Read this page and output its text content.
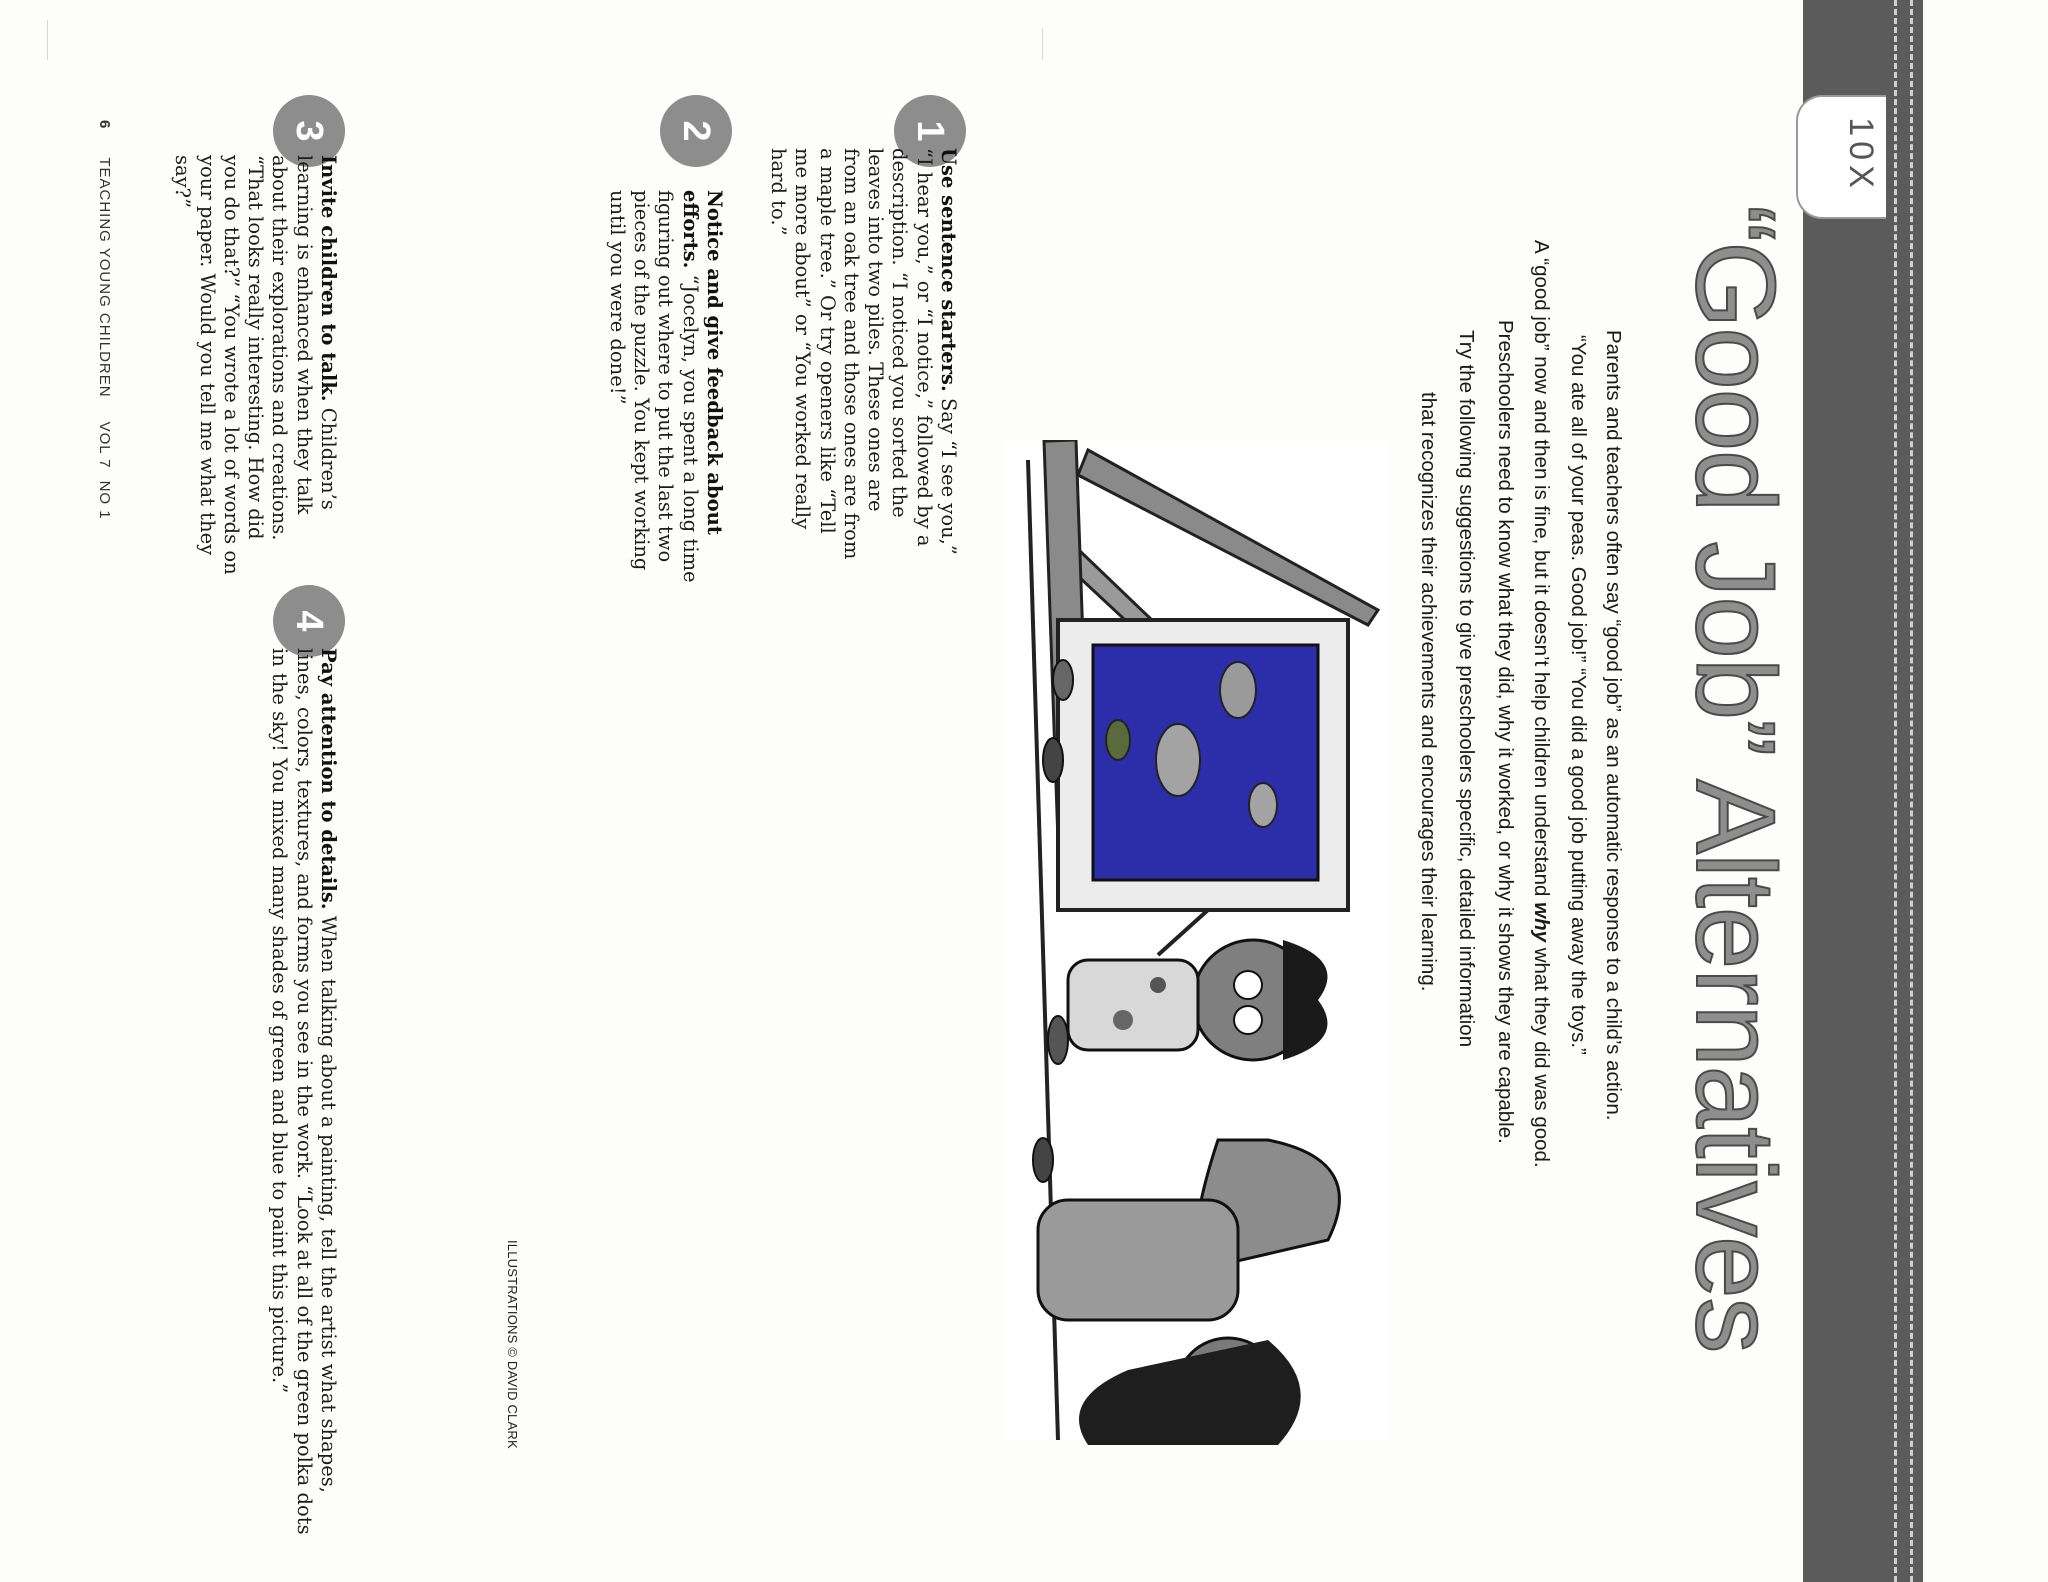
10X
“Good Job” Alternatives
Parents and teachers often say “good job” as an automatic response to a child’s action.
“You ate all of your peas. Good job!” “You did a good job putting away the toys.”
A “good job” now and then is fine, but it doesn’t help children understand why what they did was good.
Preschoolers need to know what they did, why it worked, or why it shows they are capable.
Try the following suggestions to give preschoolers specific, detailed information
that recognizes their achievements and encourages their learning.
ILLUSTRATIONS © DAVID CLARK
1
Use sentence starters. Say “I see you,” “I hear you,” or “I notice,” followed by a description. “I noticed you sorted the leaves into two piles. These ones are from an oak tree and those ones are from a maple tree.” Or try openers like “Tell me more about” or “You worked really hard to.”
2
Notice and give feedback about efforts. “Jocelyn, you spent a long time figuring out where to put the last two pieces of the puzzle. You kept working until you were done!”
3
Invite children to talk. Children’s learning is enhanced when they talk about their explorations and creations. “That looks really interesting. How did you do that?” “You wrote a lot of words on your paper. Would you tell me what they say?”
4
Pay attention to details. When talking about a painting, tell the artist what shapes, lines, colors, textures, and forms you see in the work. “Look at all of the green polka dots in the sky! You mixed many shades of green and blue to paint this picture.”
6TEACHING YOUNG CHILDRENVOL 7NO 1
